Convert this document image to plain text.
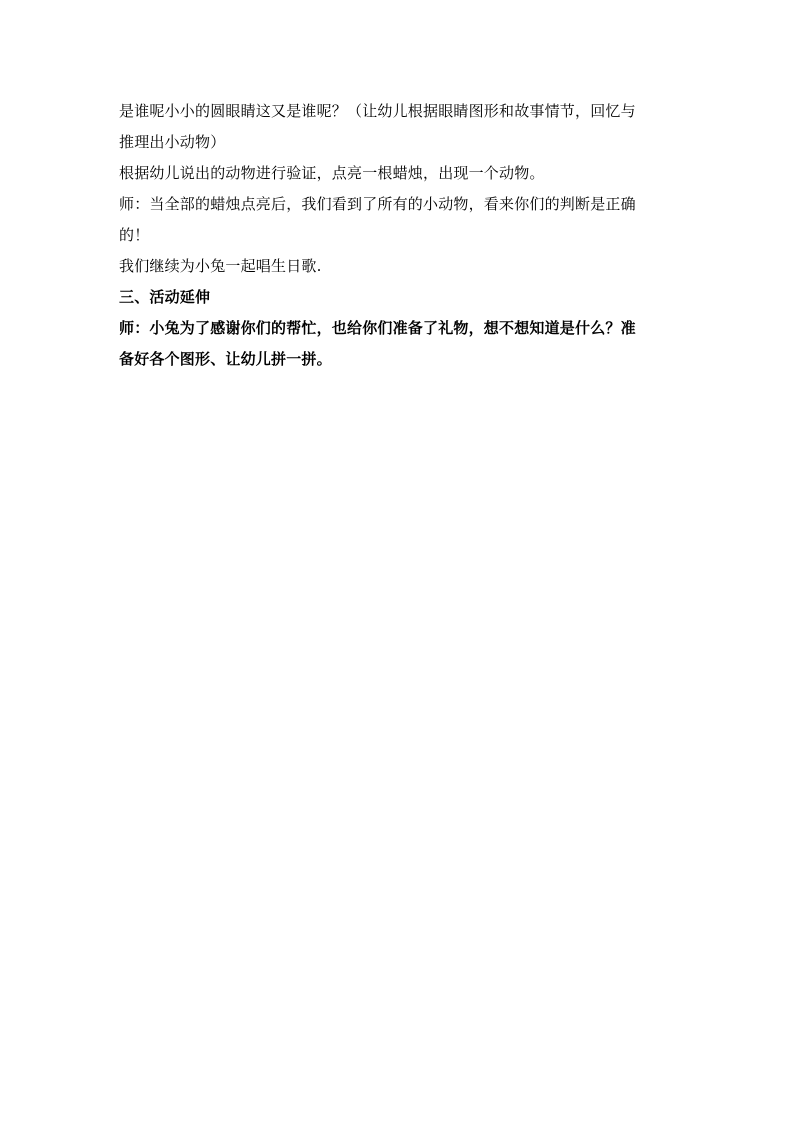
是谁呢小小的圆眼睛这又是谁呢？（让幼儿根据眼睛图形和故事情节，回忆与
推理出小动物）
根据幼儿说出的动物进行验证，点亮一根蜡烛，出现一个动物。
师：当全部的蜡烛点亮后，我们看到了所有的小动物，看来你们的判断是正确
的！
我们继续为小兔一起唱生日歌.
三、活动延伸
师：小兔为了感谢你们的帮忙，也给你们准备了礼物，想不想知道是什么？准
备好各个图形、让幼儿拼一拼。
